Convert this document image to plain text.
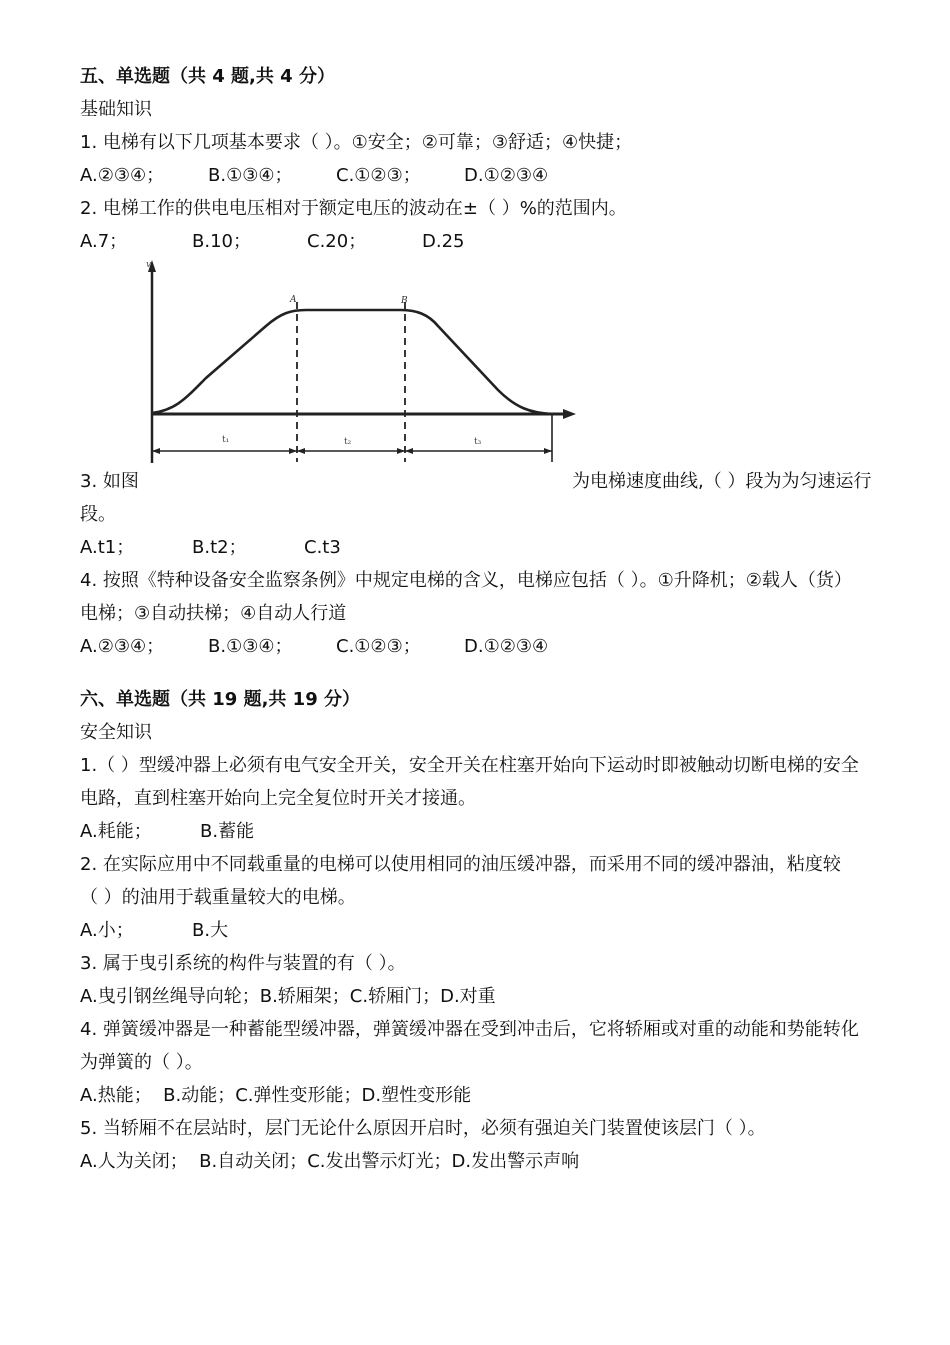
五、单选题（共 4 题,共 4 分）
基础知识
1. 电梯有以下几项基本要求（ ）。①安全；②可靠；③舒适；④快捷；
A.②③④； B.①③④； C.①②③； D.①②③④
2. 电梯工作的供电电压相对于额定电压的波动在±（ ）%的范围内。
A.7；	B.10；	C.20；	D.25
3. 如图
v
A	B
t₁	t₂	t₃
为电梯速度曲线,（ ）段为为匀速运行
段。
A.t1；	B.t2；	C.t3
4. 按照《特种设备安全监察条例》中规定电梯的含义，电梯应包括（ ）。①升降机；②载人（货）
电梯；③自动扶梯；④自动人行道
A.②③④； B.①③④； C.①②③； D.①②③④
六、单选题（共 19 题,共 19 分）
安全知识
1.（ ）型缓冲器上必须有电气安全开关，安全开关在柱塞开始向下运动时即被触动切断电梯的安全
电路，直到柱塞开始向上完全复位时开关才接通。
A.耗能；	B.蓄能
2. 在实际应用中不同载重量的电梯可以使用相同的油压缓冲器，而采用不同的缓冲器油，粘度较
（ ）的油用于载重量较大的电梯。
A.小；	B.大
3. 属于曳引系统的构件与装置的有（ ）。
A.曳引钢丝绳导向轮；B.轿厢架；C.轿厢门；D.对重
4. 弹簧缓冲器是一种蓄能型缓冲器，弹簧缓冲器在受到冲击后，它将轿厢或对重的动能和势能转化
为弹簧的（ ）。
A.热能；  B.动能；C.弹性变形能；D.塑性变形能
5. 当轿厢不在层站时，层门无论什么原因开启时，必须有强迫关门装置使该层门（ ）。
A.人为关闭；  B.自动关闭；C.发出警示灯光；D.发出警示声响
